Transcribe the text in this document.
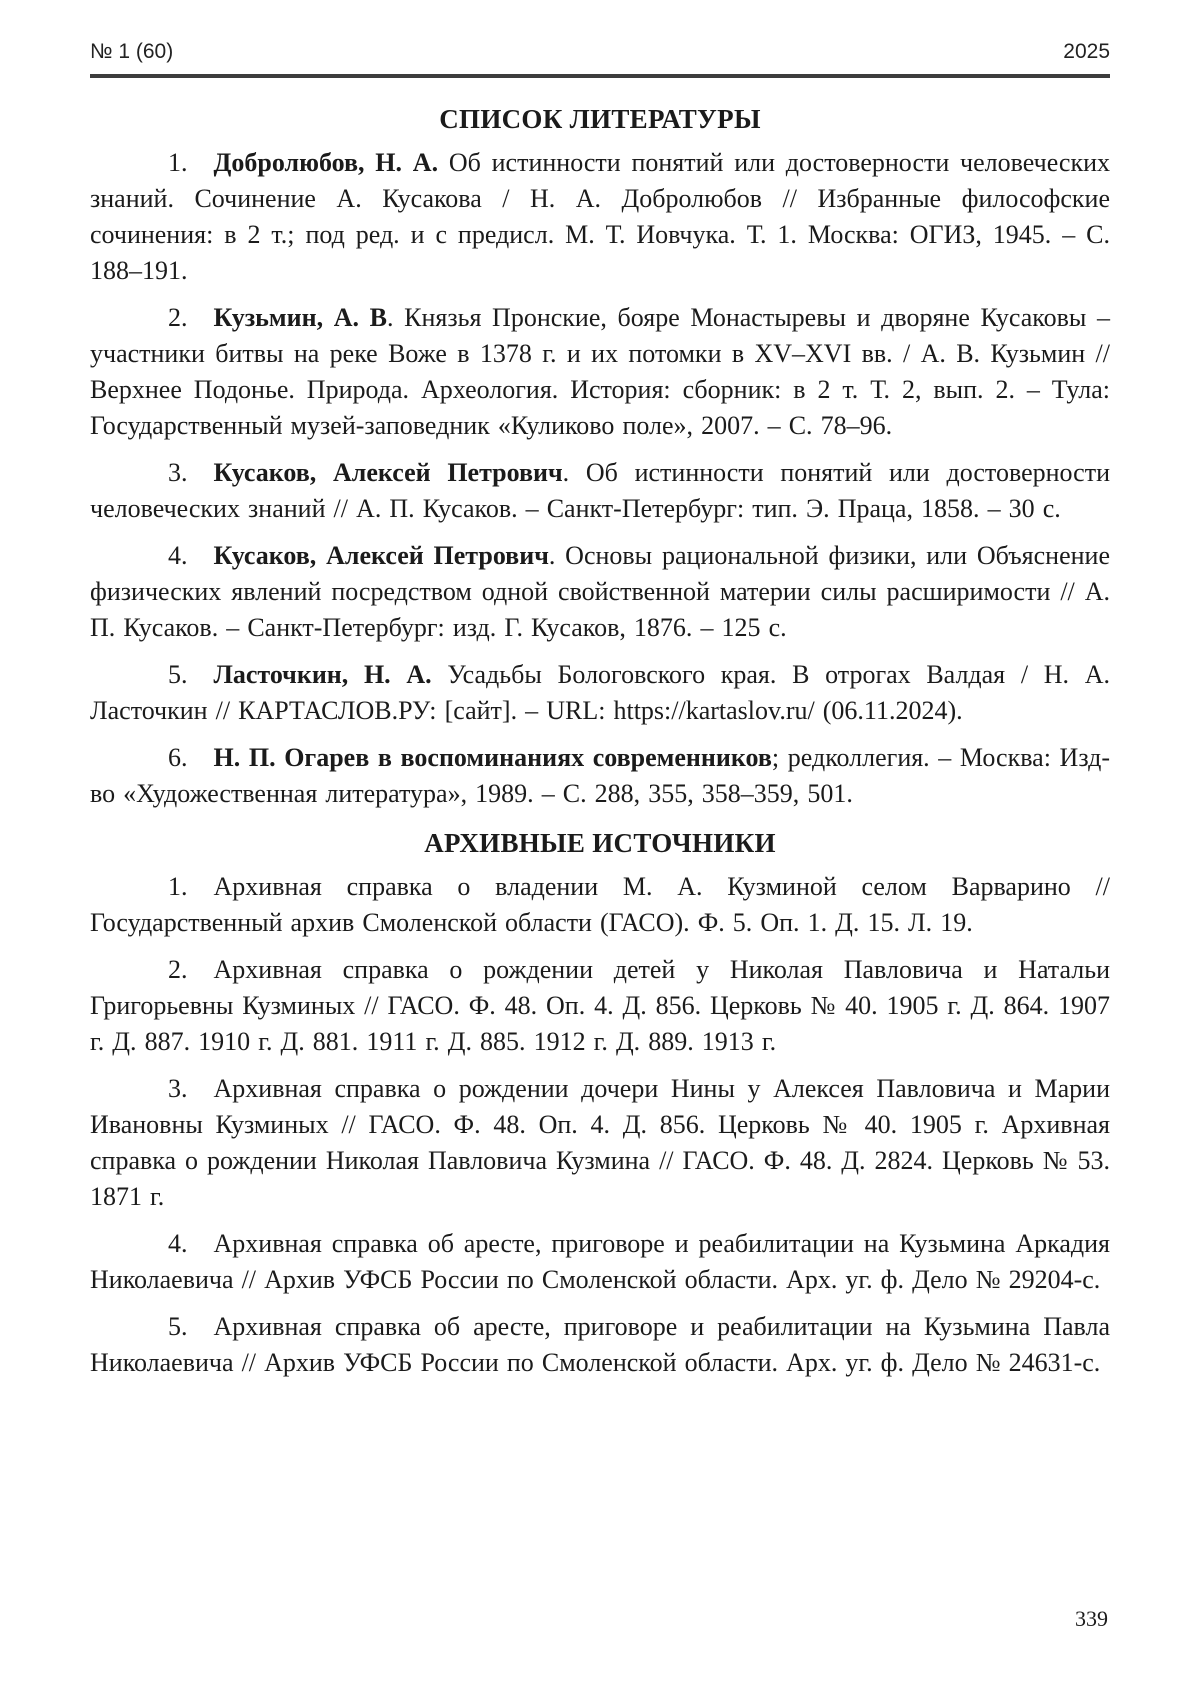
№ 1 (60)	2025
СПИСОК ЛИТЕРАТУРЫ

1. Добролюбов, Н. А. Об истинности понятий или достоверности человеческих знаний. Сочинение А. Кусакова / Н. А. Добролюбов // Избранные философские сочинения: в 2 т.; под ред. и с предисл. М. Т. Иовчука. Т. 1. Москва: ОГИЗ, 1945. – С. 188–191.

2. Кузьмин, А. В. Князья Пронские, бояре Монастыревы и дворяне Кусаковы – участники битвы на реке Воже в 1378 г. и их потомки в XV–XVI вв. / А. В. Кузьмин // Верхнее Подонье. Природа. Археология. История: сборник: в 2 т. Т. 2, вып. 2. – Тула: Государственный музей-заповедник «Куликово поле», 2007. – С. 78–96.

3. Кусаков, Алексей Петрович. Об истинности понятий или достоверности человеческих знаний // А. П. Кусаков. – Санкт-Петербург: тип. Э. Праца, 1858. – 30 с.

4. Кусаков, Алексей Петрович. Основы рациональной физики, или Объяснение физических явлений посредством одной свойственной материи силы расширимости // А. П. Кусаков. – Санкт-Петербург: изд. Г. Кусаков, 1876. – 125 с.

5. Ласточкин, Н. А. Усадьбы Бологовского края. В отрогах Валдая / Н. А. Ласточкин // КАРТАСЛОВ.РУ: [сайт]. – URL: https://kartaslov.ru/ (06.11.2024).

6. Н. П. Огарев в воспоминаниях современников; редколлегия. – Москва: Изд-во «Художественная литература», 1989. – С. 288, 355, 358–359, 501.

АРХИВНЫЕ ИСТОЧНИКИ

1. Архивная справка о владении М. А. Кузминой селом Варварино // Государственный архив Смоленской области (ГАСО). Ф. 5. Оп. 1. Д. 15. Л. 19.

2. Архивная справка о рождении детей у Николая Павловича и Натальи Григорьевны Кузминых // ГАСО. Ф. 48. Оп. 4. Д. 856. Церковь № 40. 1905 г. Д. 864. 1907 г. Д. 887. 1910 г. Д. 881. 1911 г. Д. 885. 1912 г. Д. 889. 1913 г.

3. Архивная справка о рождении дочери Нины у Алексея Павловича и Марии Ивановны Кузминых // ГАСО. Ф. 48. Оп. 4. Д. 856. Церковь № 40. 1905 г. Архивная справка о рождении Николая Павловича Кузмина // ГАСО. Ф. 48. Д. 2824. Церковь № 53. 1871 г.

4. Архивная справка об аресте, приговоре и реабилитации на Кузьмина Аркадия Николаевича // Архив УФСБ России по Смоленской области. Арх. уг. ф. Дело № 29204-с.

5. Архивная справка об аресте, приговоре и реабилитации на Кузьмина Павла Николаевича // Архив УФСБ России по Смоленской области. Арх. уг. ф. Дело № 24631-с.

339
